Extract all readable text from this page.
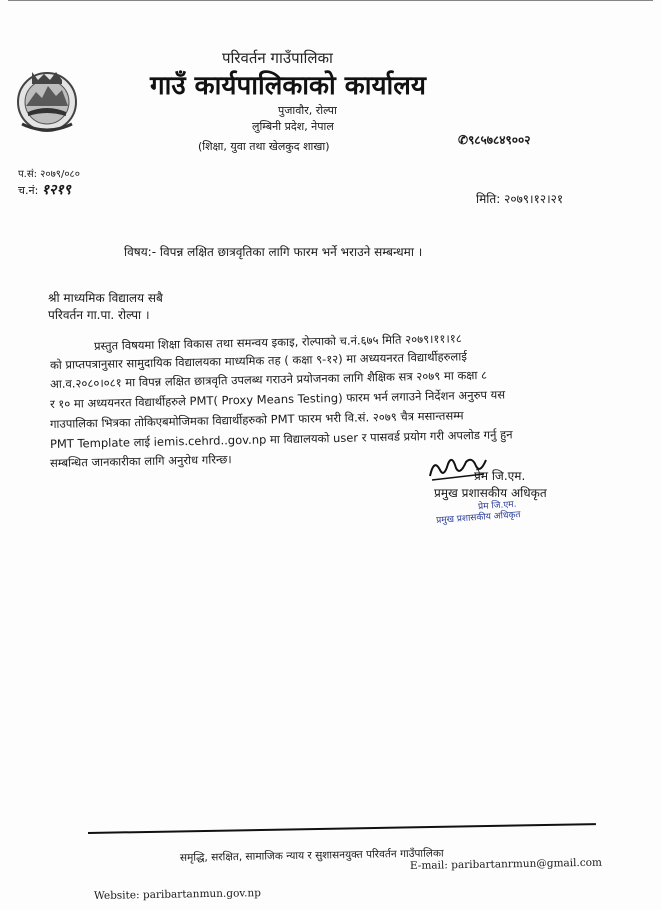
परिवर्तन गाउँपालिका
गाउँ कार्यपालिकाको कार्यालय
पुजावौर, रोल्पा
लुम्बिनी प्रदेश, नेपाल
(शिक्षा, युवा तथा खेलकुद शाखा)	✆९८५७८४९००२
प.सं: २०७९/०८०
च.नं: १२१९
मिति: २०७९।१२।२१
विषय:- विपन्न लक्षित छात्रवृतिका लागि फारम भर्ने भराउने सम्बन्धमा ।
श्री माध्यमिक विद्यालय सबै
परिवर्तन गा.पा. रोल्पा ।
प्रस्तुत विषयमा शिक्षा विकास तथा समन्वय इकाइ, रोल्पाको च.नं.६७५ मिति २०७९।११।१८
को प्राप्तपत्रानुसार सामुदायिक विद्यालयका माध्यमिक तह ( कक्षा ९-१२) मा अध्ययनरत विद्यार्थीहरुलाई
आ.व.२०८०।०८१ मा विपन्न लक्षित छात्रवृति उपलब्ध गराउने प्रयोजनका लागि शैक्षिक सत्र २०७९ मा कक्षा ८
र १० मा अध्ययनरत विद्यार्थीहरुले PMT( Proxy Means Testing) फारम भर्न लगाउने निर्देशन अनुरुप यस
गाउपालिका भित्रका तोकिएबमोजिमका विद्यार्थीहरुको PMT फारम भरी वि.सं. २०७९ चैत्र मसान्तसम्म
PMT Template लाई iemis.cehrd..gov.np मा विद्यालयको user र पासवर्ड प्रयोग गरी अपलोड गर्नु हुन
सम्बन्धित जानकारीका लागि अनुरोध गरिन्छ।
प्रेम जि.एम.
प्रमुख प्रशासकीय अधिकृत
प्रेम जि.एम.
प्रमुख प्रशासकीय अधिकृत
समृद्धि, सरक्षित, सामाजिक न्याय र सुशासनयुक्त परिवर्तन गाउँपालिका
E-mail: paribartanrmun@gmail.com
Website: paribartanmun.gov.np
